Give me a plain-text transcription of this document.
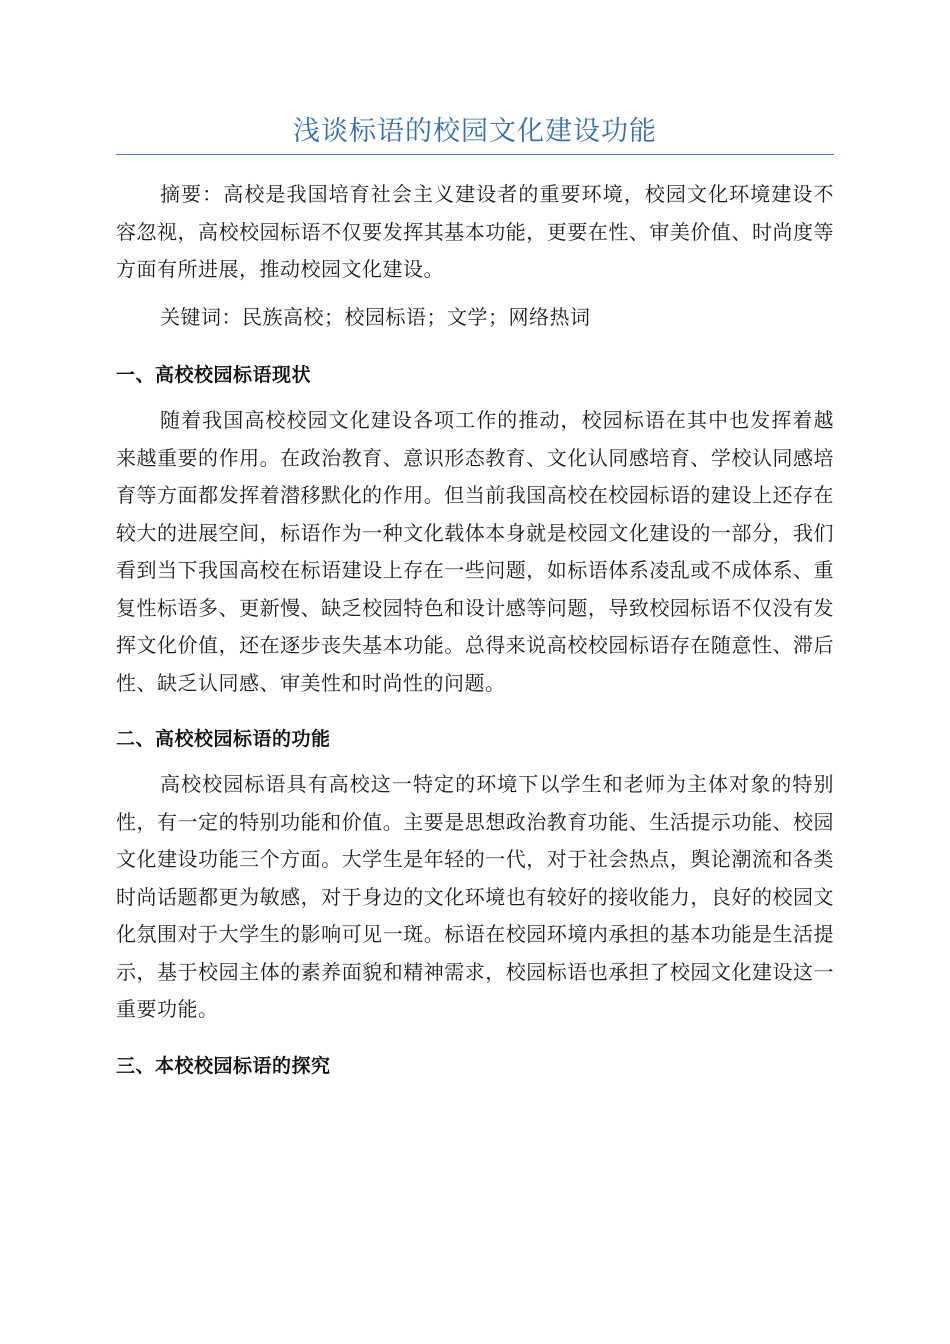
浅谈标语的校园文化建设功能

摘要：高校是我国培育社会主义建设者的重要环境，校园文化环境建设不容忽视，高校校园标语不仅要发挥其基本功能，更要在性、审美价值、时尚度等方面有所进展，推动校园文化建设。

关键词：民族高校；校园标语；文学；网络热词

一、高校校园标语现状

随着我国高校校园文化建设各项工作的推动，校园标语在其中也发挥着越来越重要的作用。在政治教育、意识形态教育、文化认同感培育、学校认同感培育等方面都发挥着潜移默化的作用。但当前我国高校在校园标语的建设上还存在较大的进展空间，标语作为一种文化载体本身就是校园文化建设的一部分，我们看到当下我国高校在标语建设上存在一些问题，如标语体系凌乱或不成体系、重复性标语多、更新慢、缺乏校园特色和设计感等问题，导致校园标语不仅没有发挥文化价值，还在逐步丧失基本功能。总得来说高校校园标语存在随意性、滞后性、缺乏认同感、审美性和时尚性的问题。

二、高校校园标语的功能

高校校园标语具有高校这一特定的环境下以学生和老师为主体对象的特别性，有一定的特别功能和价值。主要是思想政治教育功能、生活提示功能、校园文化建设功能三个方面。大学生是年轻的一代，对于社会热点，舆论潮流和各类时尚话题都更为敏感，对于身边的文化环境也有较好的接收能力，良好的校园文化氛围对于大学生的影响可见一斑。标语在校园环境内承担的基本功能是生活提示，基于校园主体的素养面貌和精神需求，校园标语也承担了校园文化建设这一重要功能。

三、本校校园标语的探究
